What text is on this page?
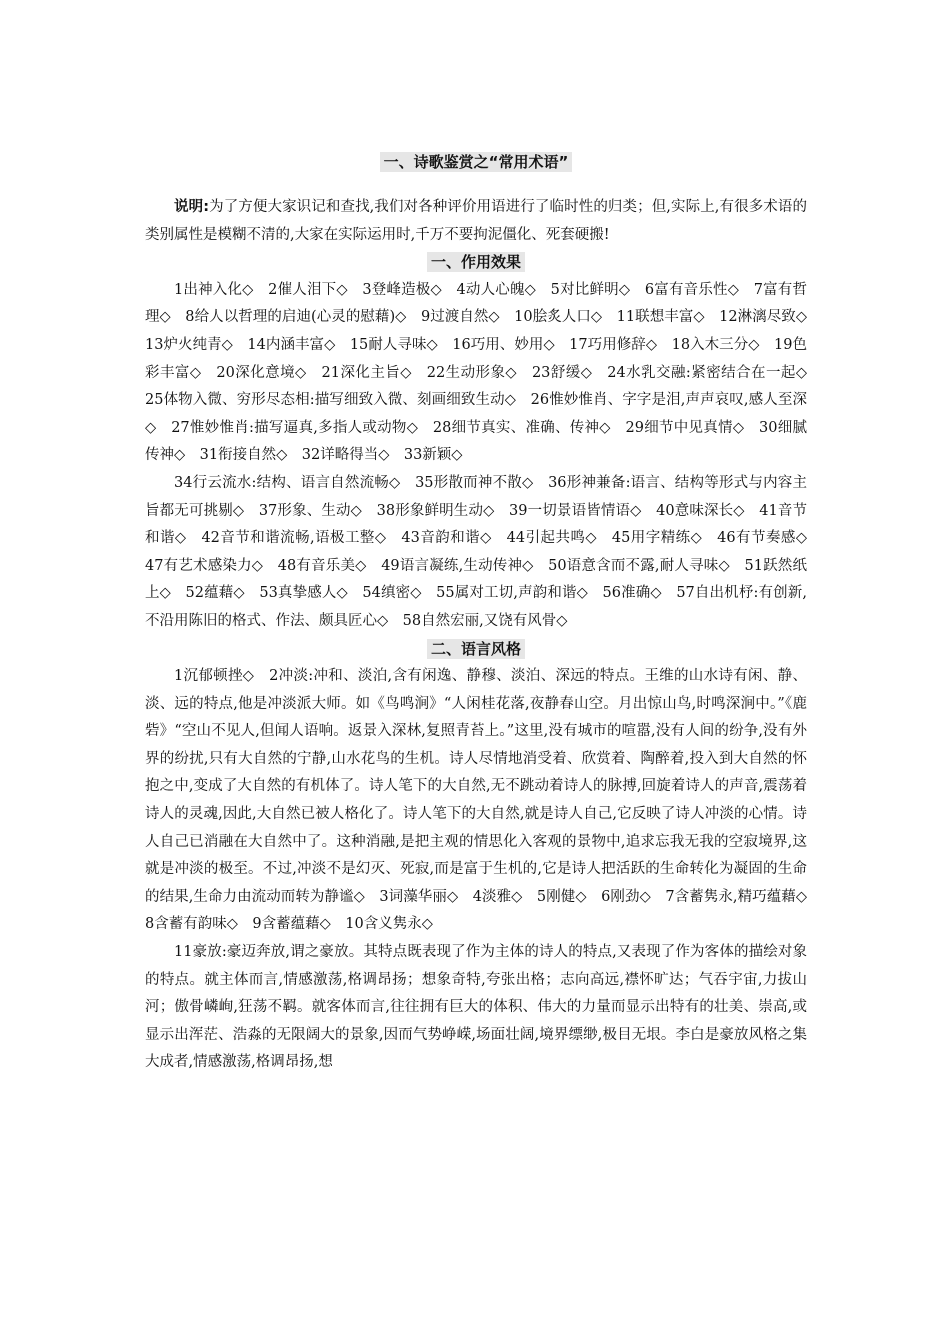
一、诗歌鉴赏之“常用术语”

说明:为了方便大家识记和查找,我们对各种评价用语进行了临时性的归类；但,实际上,有很多术语的类别属性是模糊不清的,大家在实际运用时,千万不要拘泥僵化、死套硬搬!

一、作用效果

1出神入化◇　2催人泪下◇　3登峰造极◇　4动人心魄◇　5对比鲜明◇　6富有音乐性◇　7富有哲理◇　8给人以哲理的启迪(心灵的慰藉)◇　9过渡自然◇　10脍炙人口◇　11联想丰富◇　12淋漓尽致◇　13炉火纯青◇　14内涵丰富◇　15耐人寻味◇　16巧用、妙用◇　17巧用修辞◇　18入木三分◇　19色彩丰富◇　20深化意境◇　21深化主旨◇　22生动形象◇　23舒缓◇　24水乳交融:紧密结合在一起◇　25体物入微、穷形尽态相:描写细致入微、刻画细致生动◇　26惟妙惟肖、字字是泪,声声哀叹,感人至深◇　27惟妙惟肖:描写逼真,多指人或动物◇　28细节真实、准确、传神◇　29细节中见真情◇　30细腻传神◇　31衔接自然◇　32详略得当◇　33新颖◇

34行云流水:结构、语言自然流畅◇　35形散而神不散◇　36形神兼备:语言、结构等形式与内容主旨都无可挑剔◇　37形象、生动◇　38形象鲜明生动◇　39一切景语皆情语◇　40意味深长◇　41音节和谐◇　42音节和谐流畅,语极工整◇　43音韵和谐◇　44引起共鸣◇　45用字精练◇　46有节奏感◇　47有艺术感染力◇　48有音乐美◇　49语言凝练,生动传神◇　50语意含而不露,耐人寻味◇　51跃然纸上◇　52蕴藉◇　53真挚感人◇　54缜密◇　55属对工切,声韵和谐◇　56准确◇　57自出机杼:有创新,不沿用陈旧的格式、作法、颇具匠心◇　58自然宏丽,又饶有风骨◇

二、语言风格

1沉郁顿挫◇　2冲淡:冲和、淡泊,含有闲逸、静穆、淡泊、深远的特点。王维的山水诗有闲、静、淡、远的特点,他是冲淡派大师。如《鸟鸣涧》“人闲桂花落,夜静春山空。月出惊山鸟,时鸣深涧中。”《鹿砦》“空山不见人,但闻人语响。返景入深林,复照青苔上。”这里,没有城市的喧嚣,没有人间的纷争,没有外界的纷扰,只有大自然的宁静,山水花鸟的生机。诗人尽情地消受着、欣赏着、陶醉着,投入到大自然的怀抱之中,变成了大自然的有机体了。诗人笔下的大自然,无不跳动着诗人的脉搏,回旋着诗人的声音,震荡着诗人的灵魂,因此,大自然已被人格化了。诗人笔下的大自然,就是诗人自己,它反映了诗人冲淡的心情。诗人自己已消融在大自然中了。这种消融,是把主观的情思化入客观的景物中,追求忘我无我的空寂境界,这就是冲淡的极至。不过,冲淡不是幻灭、死寂,而是富于生机的,它是诗人把活跃的生命转化为凝固的生命的结果,生命力由流动而转为静谧◇　3词藻华丽◇　4淡雅◇　5刚健◇　6刚劲◇　7含蓄隽永,精巧蕴藉◇　8含蓄有韵味◇　9含蓄蕴藉◇　10含义隽永◇

11豪放:豪迈奔放,谓之豪放。其特点既表现了作为主体的诗人的特点,又表现了作为客体的描绘对象的特点。就主体而言,情感激荡,格调昂扬；想象奇特,夸张出格；志向高远,襟怀旷达；气吞宇宙,力拔山河；傲骨嶙峋,狂荡不羁。就客体而言,往往拥有巨大的体积、伟大的力量而显示出特有的壮美、崇高,或显示出浑茫、浩淼的无限阔大的景象,因而气势峥嵘,场面壮阔,境界缥缈,极目无垠。李白是豪放风格之集大成者,情感激荡,格调昂扬,想
